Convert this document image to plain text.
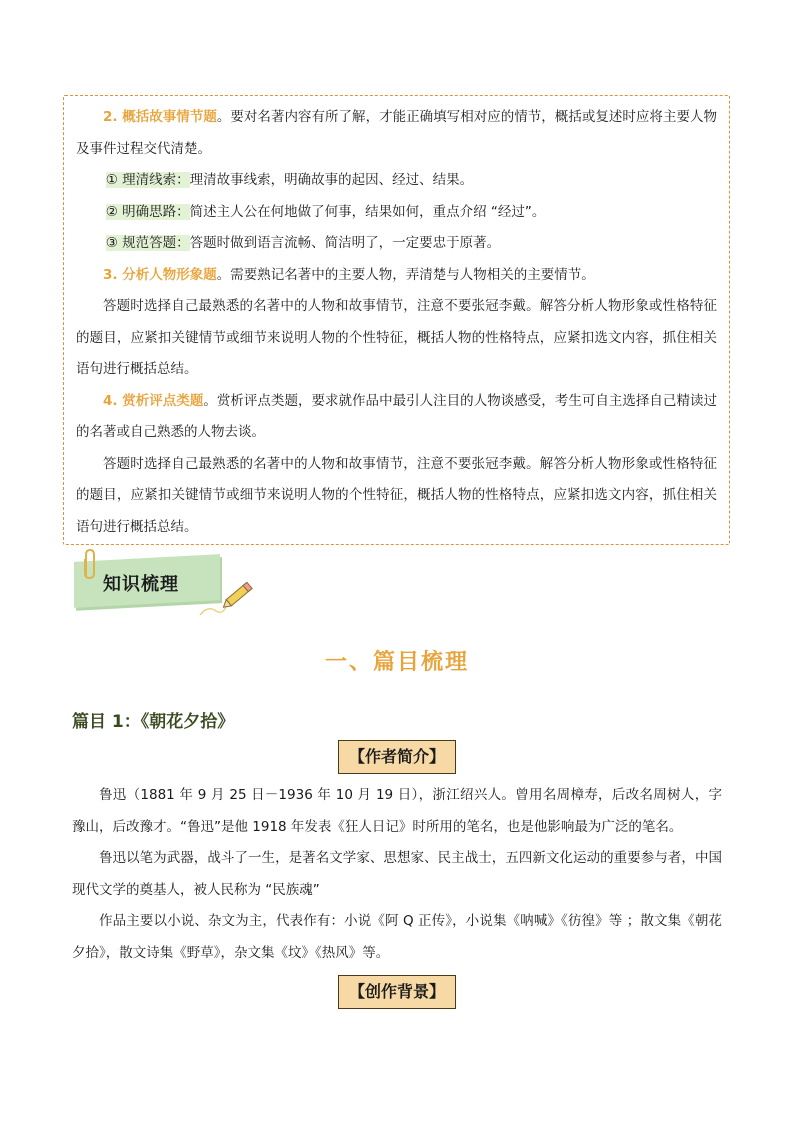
2. 概括故事情节题。要对名著内容有所了解，才能正确填写相对应的情节，概括或复述时应将主要人物及事件过程交代清楚。

① 理清线索：理清故事线索，明确故事的起因、经过、结果。

② 明确思路：简述主人公在何地做了何事，结果如何，重点介绍 “经过”。

③ 规范答题：答题时做到语言流畅、简洁明了，一定要忠于原著。

3. 分析人物形象题。需要熟记名著中的主要人物，弄清楚与人物相关的主要情节。

答题时选择自己最熟悉的名著中的人物和故事情节，注意不要张冠李戴。解答分析人物形象或性格特征的题目，应紧扣关键情节或细节来说明人物的个性特征，概括人物的性格特点，应紧扣选文内容，抓住相关语句进行概括总结。

4. 赏析评点类题。赏析评点类题，要求就作品中最引人注目的人物谈感受，考生可自主选择自己精读过的名著或自己熟悉的人物去谈。

答题时选择自己最熟悉的名著中的人物和故事情节，注意不要张冠李戴。解答分析人物形象或性格特征的题目，应紧扣关键情节或细节来说明人物的个性特征，概括人物的性格特点，应紧扣选文内容，抓住相关语句进行概括总结。

知识梳理
一、篇目梳理
篇目 1：《朝花夕拾》
【作者简介】

鲁迅（1881 年 9 月 25 日－1936 年 10 月 19 日），浙江绍兴人。曾用名周樟寿，后改名周树人，字豫山，后改豫才。“鲁迅”是他 1918 年发表《狂人日记》时所用的笔名，也是他影响最为广泛的笔名。

鲁迅以笔为武器，战斗了一生，是著名文学家、思想家、民主战士，五四新文化运动的重要参与者，中国现代文学的奠基人，被人民称为 “民族魂”

作品主要以小说、杂文为主，代表作有：小说《阿 Q 正传》，小说集《呐喊》《彷徨》等 ；散文集《朝花夕拾》，散文诗集《野草》，杂文集《坟》《热风》等。

【创作背景】
